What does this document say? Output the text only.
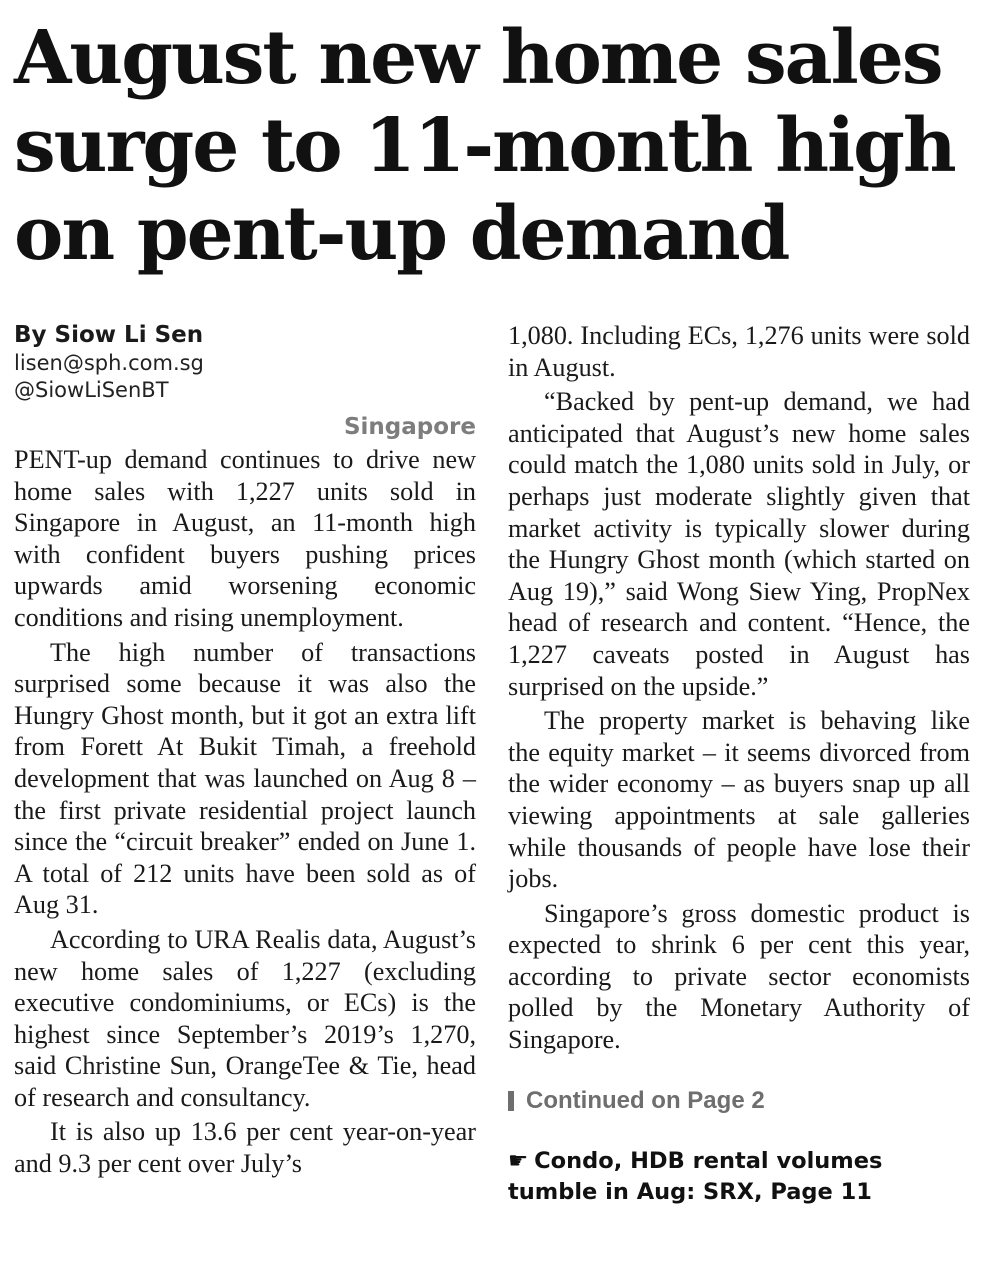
August new home sales
surge to 11-month high
on pent-up demand

By Siow Li Sen

lisen@sph.com.sg

@SiowLiSenBT

Singapore

PENT-up demand continues to drive new home sales with 1,227 units sold in Singapore in August, an 11-month high with confident buyers pushing prices upwards amid worsening economic conditions and rising unemployment.

The high number of transactions surprised some because it was also the Hungry Ghost month, but it got an extra lift from Forett At Bukit Timah, a freehold development that was launched on Aug 8 – the first private residential project launch since the “circuit breaker” ended on June 1. A total of 212 units have been sold as of Aug 31.

According to URA Realis data, August’s new home sales of 1,227 (excluding executive condominiums, or ECs) is the highest since September’s 2019’s 1,270, said Christine Sun, OrangeTee & Tie, head of research and consultancy.

It is also up 13.6 per cent year-on-year and 9.3 per cent over July’s

1,080. Including ECs, 1,276 units were sold in August.

“Backed by pent-up demand, we had anticipated that August’s new home sales could match the 1,080 units sold in July, or perhaps just moderate slightly given that market activity is typically slower during the Hungry Ghost month (which started on Aug 19),” said Wong Siew Ying, PropNex head of research and content. “Hence, the 1,227 caveats posted in August has surprised on the upside.”

The property market is behaving like the equity market – it seems divorced from the wider economy – as buyers snap up all viewing appointments at sale galleries while thousands of people have lose their jobs.

Singapore’s gross domestic product is expected to shrink 6 per cent this year, according to private sector economists polled by the Monetary Authority of Singapore.

Continued on Page 2
☛ Condo, HDB rental volumes
tumble in Aug: SRX, Page 11
